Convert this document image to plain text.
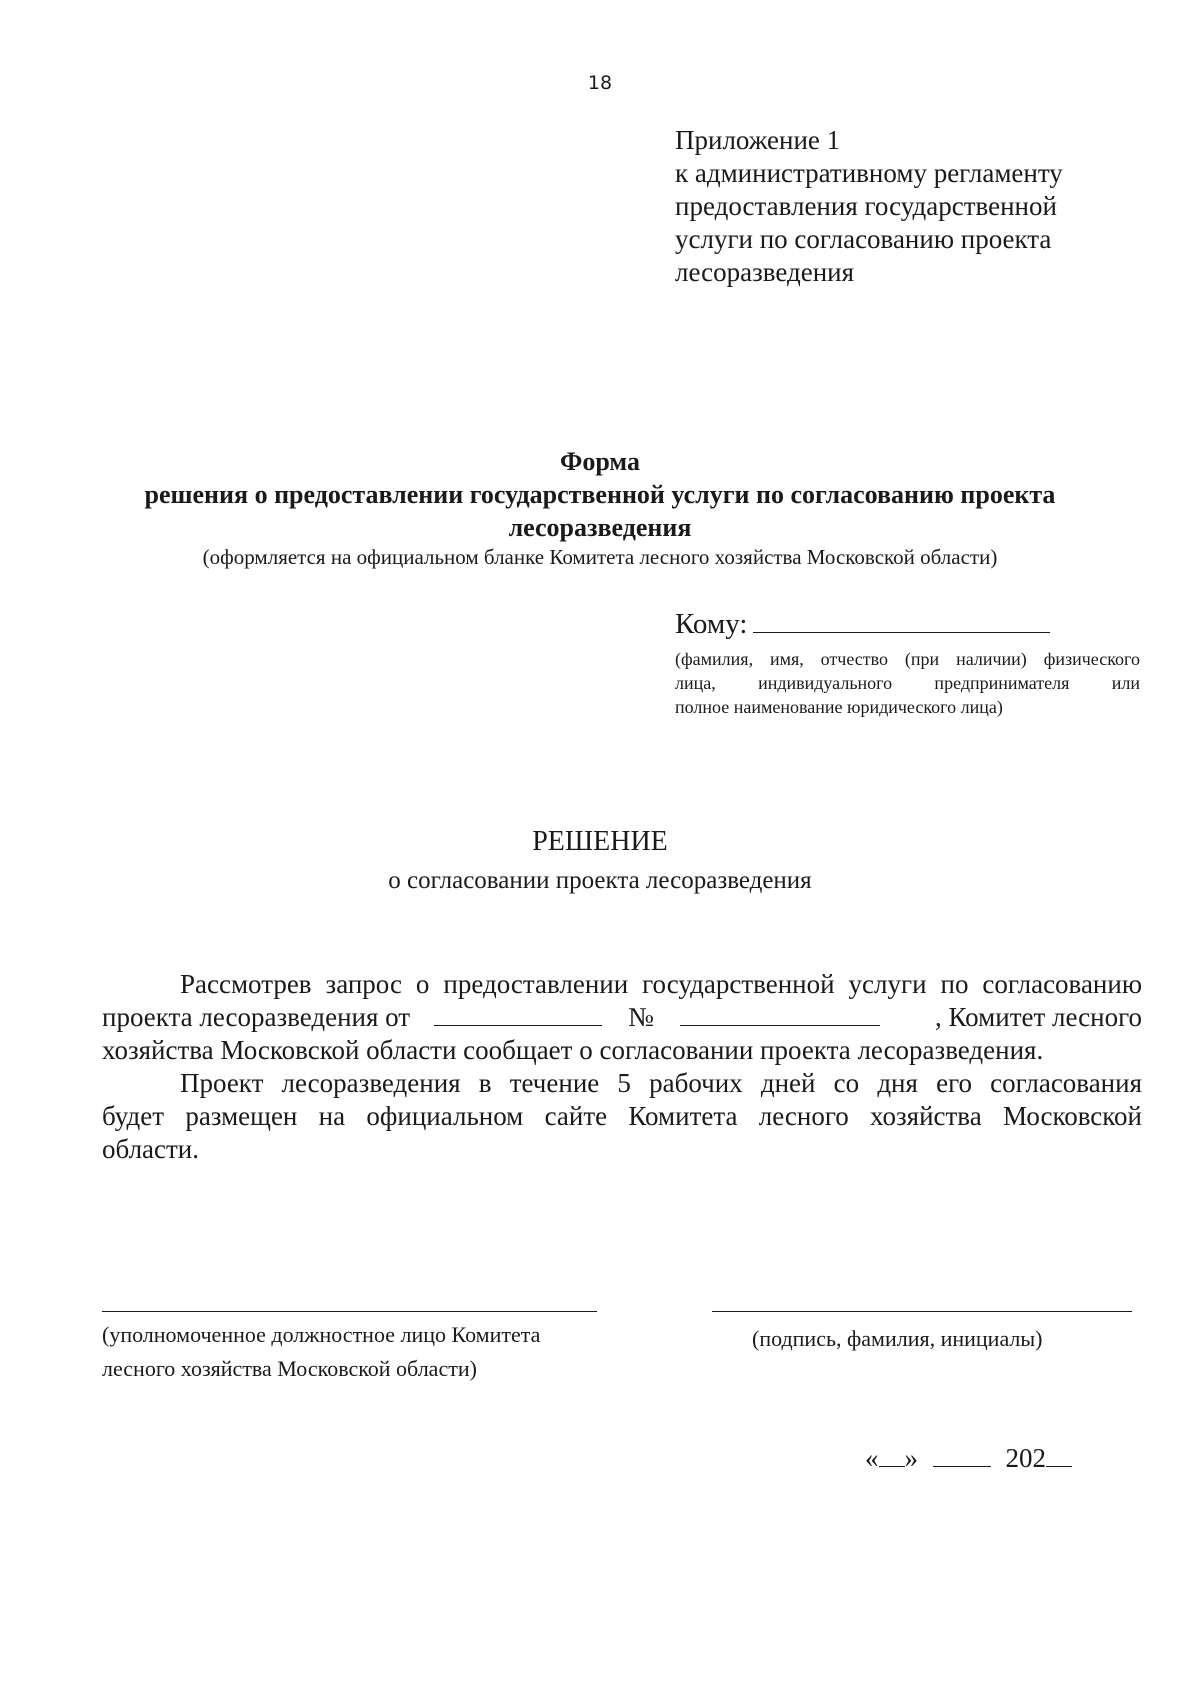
18
Приложение 1
к административному регламенту
предоставления государственной
услуги по согласованию проекта
лесоразведения
Форма
решения о предоставлении государственной услуги по согласованию проекта
лесоразведения
(оформляется на официальном бланке Комитета лесного хозяйства Московской области)
Кому:
(фамилия, имя, отчество (при наличии) физического
лица, индивидуального предпринимателя или
полное наименование юридического лица)
РЕШЕНИЕ
о согласовании проекта лесоразведения
Рассмотрев запрос о предоставлении государственной услуги по согласованию
проекта лесоразведения от	№	, Комитет лесного
хозяйства Московской области сообщает о согласовании проекта лесоразведения.
Проект лесоразведения в течение 5 рабочих дней со дня его согласования
будет размещен на официальном сайте Комитета лесного хозяйства Московской
области.
(уполномоченное должностное лицо Комитета
лесного хозяйства Московской области)
(подпись, фамилия, инициалы)
« »	202
